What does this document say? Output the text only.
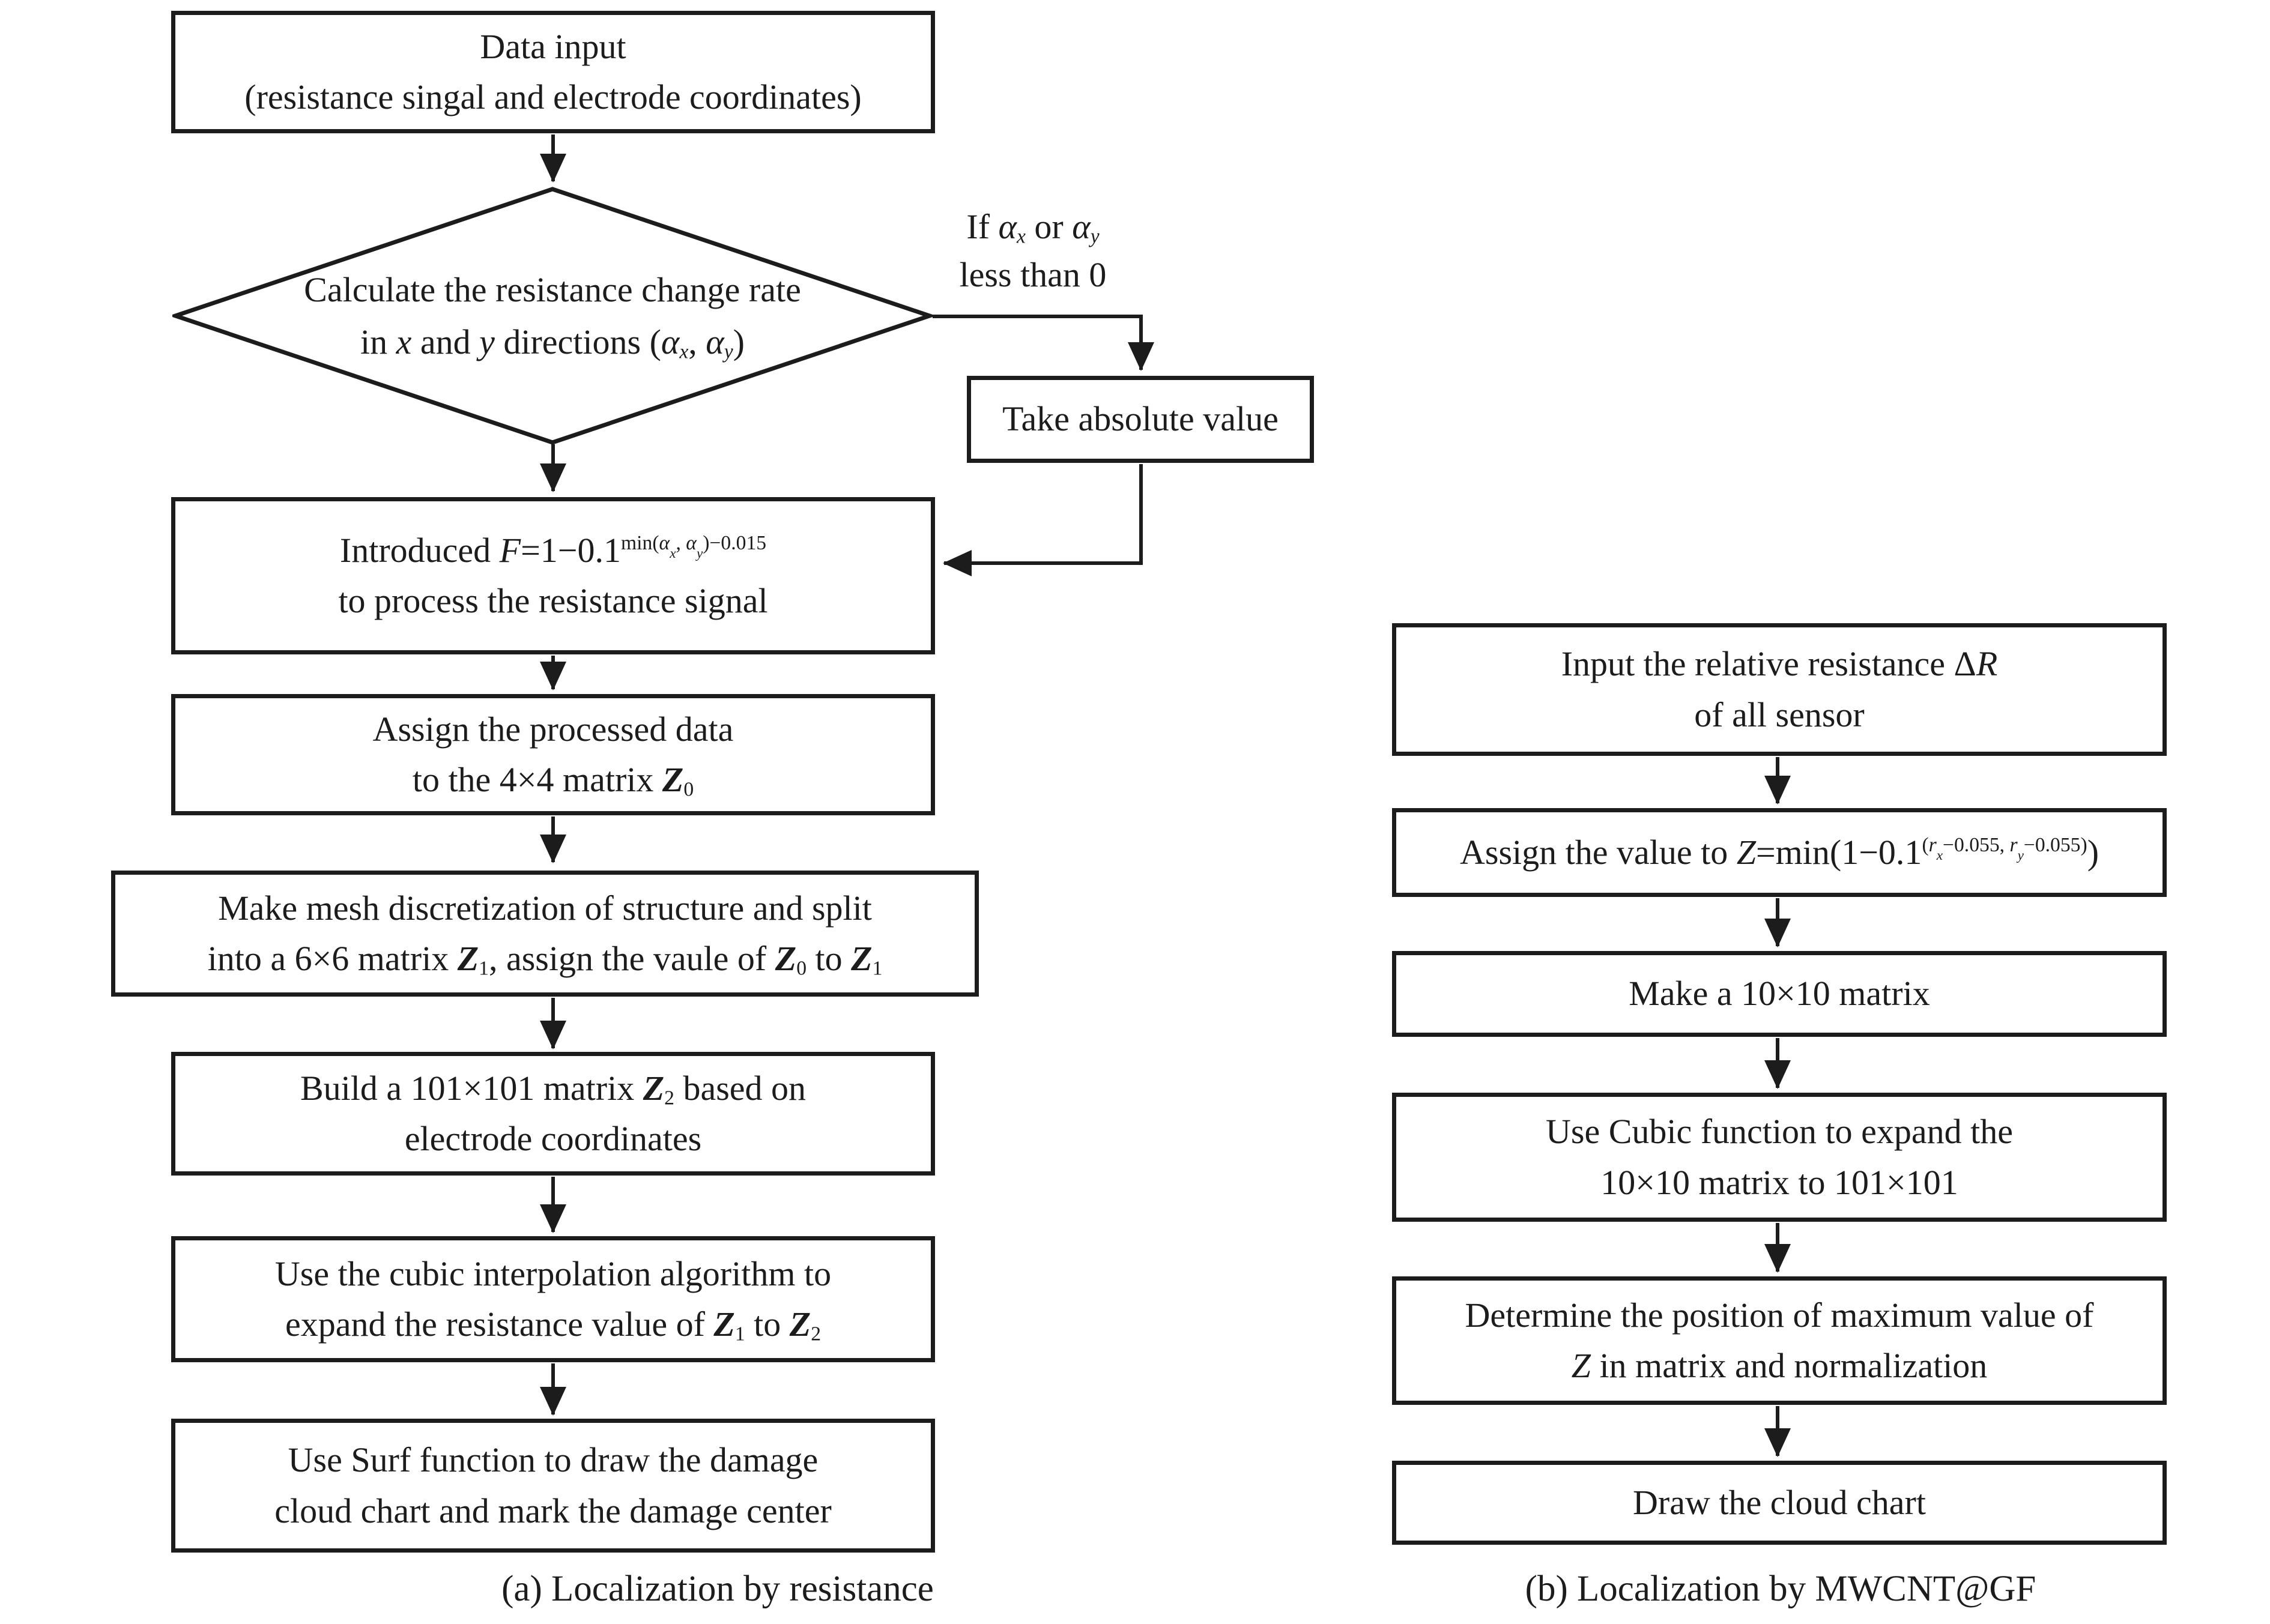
Data input
(resistance singal and electrode coordinates)
Calculate the resistance change rate
in x and y directions (αx, αy)
If αx or αy
less than 0
Take absolute value
Introduced $F=1-0.1^{min(\alpha}x^,$ $^\alpha y^{)-0.015}$
to process the resistance signal
Assign the processed data
to the 4×4 matrix $Z_0$
Make mesh discretization of structure and split
into a 6×6 matrix $Z_1$, assign the vaule of $Z_0$ to $Z_1$
Build a 101×101 matrix $Z_2$ based on
electrode coordinates
Use the cubic interpolation algorithm to
expand the resistance value of $Z_1$ to $Z_2$
Use Surf function to draw the damage
cloud chart and mark the damage center
(a) Localization by resistance
Input the relative resistance ΔR
of all sensor
Assign the value to $Z=\min(1-0.1^{(r}x^{-0.055,}$ $^ry^{-0.055)}$)
Make a 10×10 matrix
Use Cubic function to expand the
10×10 matrix to 101×101
Determine the position of maximum value of
Z in matrix and normalization
Draw the cloud chart
(b) Localization by MWCNT@GF
